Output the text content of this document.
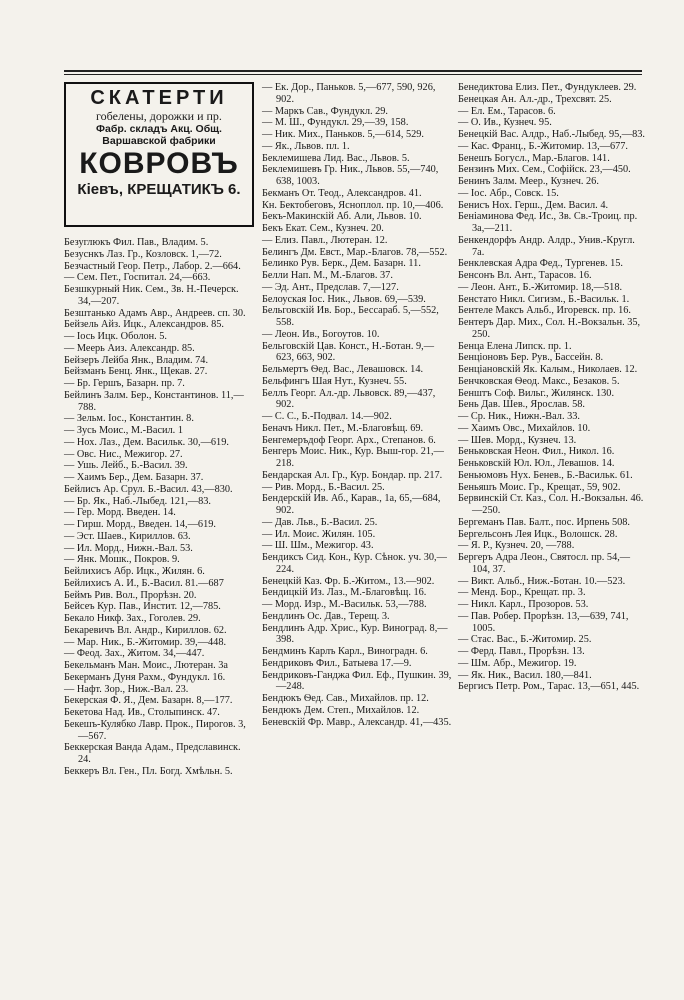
СКАТЕРТИ
гобелены, дорожки и пр.
Фабр. складъ Акц. Общ.
Варшавской фабрики
КОВРОВЪ
Кiевъ, КРЕЩАТИКЪ 6.

Безуглюкъ Фил. Пав., Владим. 5.

Безуснкъ Лаз. Гр., Козловск. 1,—72.

Безчастный Геор. Петр., Лабор. 2.—664.

— Сем. Пет., Госпитал. 24,—663.

Безшкурный Ник. Сем., Зв. Н.-Печерск. 34,—207.

Безштанько Адамъ Авр., Андреев. сп. 30.

Бейзель Айз. Ицк., Александров. 85.

— Iось Ицк. Оболон. 5.

— Меерь Аиз. Александр. 85.

Бейзеръ Лейба Янк., Владим. 74.

Бейзманъ Бенц. Янк., Щекав. 27.

— Бр. Гершъ, Базарн. пр. 7.

Бейлинъ Залм. Бер., Константинов. 11,—788.

— Зельм. Iос., Константин. 8.

— Зусь Моис., М.-Васил. 1

— Нох. Лаз., Дем. Васильк. 30,—619.

— Овс. Нис., Межигор. 27.

— Ушь. Лейб., Б.-Васил. 39.

— Хаимъ Бер., Дем. Базарн. 37.

Бейлисъ Ар. Срул. Б.-Васил. 43,—830.

— Бр. Як., Наб.-Лыбед. 121,—83.

— Гер. Морд. Введен. 14.

— Гирш. Морд., Введен. 14,—619.

— Эст. Шаев., Кириллов. 63.

— Ил. Морд., Нижн.-Вал. 53.

— Янк. Мошк., Покров. 9.

Бейлихисъ Абр. Ицк., Жилян. 6.

Бейлихисъ А. И., Б.-Васил. 81.—687

Беймъ Рив. Вол., Прорѣзн. 20.

Бейсеъ Кур. Пав., Инстит. 12,—785.

Бекало Никф. Зах., Гоголев. 29.

Бекаревичъ Вл. Андр., Кириллов. 62.

— Мар. Ник., Б.-Житомир. 39,—448.

— Феод. Зах., Житом. 34,—447.

Бекельманъ Ман. Моис., Лютеран. 3а

Бекерманъ Дуня Рахм., Фундукл. 16.

— Нафт. Зор., Ниж.-Вал. 23.

Бекерская Ф. Я., Дем. Базарн. 8,—177.

Бекетова Над. Ив., Столыпинск. 47.

Бекешъ-Кулябко Лавр. Прок., Пирогов. 3,—567.

Беккерская Ванда Адам., Предславинск. 24.

Беккеръ Вл. Ген., Пл. Богд. Хмѣльн. 5.

— Ек. Дор., Паньков. 5,—677, 590, 926, 902.

— Маркъ Сав., Фундукл. 29.

— М. Ш., Фундукл. 29,—39, 158.

— Ник. Мих., Паньков. 5,—614, 529.

— Як., Львов. пл. 1.

Беклемишева Лид. Вас., Львов. 5.

Беклемишевъ Гр. Ник., Львов. 55,—740, 638, 1003.

Бекманъ От. Теод., Александров. 41.

Кн. Бектобеговъ, Ясноплол. пр. 10,—406.

Бекъ-Макинскiй Аб. Али, Львов. 10.

Бекъ Екат. Сем., Кузнеч. 20.

— Елиз. Павл., Лютеран. 12.

Белингъ Дм. Евст., Мар.-Благов. 78,—552.

Белинко Рув. Берк., Дем. Базарн. 11.

Белли Нап. М., М.-Благов. 37.

— Эд. Ант., Предслав. 7,—127.

Белоуская Iос. Ник., Львов. 69,—539.

Бельговскiй Ив. Бор., Бессараб. 5,—552, 558.

— Леон. Ив., Богоутов. 10.

Бельговскiй Цав. Конст., Н.-Ботан. 9,—623, 663, 902.

Бельмертъ Ѳед. Вас., Левашовск. 14.

Бельфингъ Шая Нут., Кузнеч. 55.

Беллъ Георг. Ал.-др. Львовск. 89,—437, 902.

— С. С., Б.-Подвал. 14.—902.

Беначъ Никл. Пет., М.-Благовѣщ. 69.

Бенгемеръдоф Георг. Арх., Степанов. 6.

Бенгеръ Моис. Ник., Кур. Выш-гор. 21,—218.

Бендарская Ал. Гр., Кур. Бондар. пр. 217.

— Рив. Морд., Б.-Васил. 25.

Бендерскiй Ив. Аб., Карав., 1а, 65,—684, 902.

— Дав. Льв., Б.-Васил. 25.

— Ил. Моис. Жилян. 105.

— Ш. Шм., Межигор. 43.

Бендиксъ Сид. Кон., Кур. Сѣнок. уч. 30,—224.

Бенецкiй Каз. Фр. Б.-Житом., 13.—902.

Бендицкiй Из. Лаз., М.-Благовѣщ. 16.

— Морд. Изр., М.-Васильк. 53,—788.

Бендлинъ Ос. Дав., Терещ. 3.

Бендлинъ Адр. Хрис., Кур. Виноград. 8,—398.

Бендминъ Карлъ Карл., Виноградн. 6.

Бендриковъ Фил., Батыева 17.—9.

Бендриковъ-Ганджа Фил. Еф., Пушкин. 39,—248.

Бендюкъ Ѳед. Сав., Михайлов. пр. 12.

Бендюкъ Дем. Степ., Михайлов. 12.

Беневскiй Фр. Мавр., Александр. 41,—435.

Бенедиктова Елиз. Пет., Фундуклеев. 29.

Бенецкая Ан. Ал.-др., Трехсвят. 25.

— Ел. Ем., Тарасов. 6.

— О. Ив., Кузнеч. 95.

Бенецкiй Вас. Алдр., Наб.-Лыбед. 95,—83.

— Кас. Франц., Б.-Житомир. 13,—677.

Бенешъ Богусл., Мар.-Благов. 141.

Бензинъ Мих. Сем., Софiйск. 23,—450.

Бенинъ Залм. Меер., Кузнеч. 26.

— Iос. Абр., Совск. 15.

Бенисъ Нох. Герш., Дем. Васил. 4.

Беніаминова Фед. Ис., Зв. Св.-Троиц. пр. 3а,—211.

Бенкендорфъ Андр. Алдр., Унив.-Кругл. 7а.

Бенклевская Адра Фед., Тургенев. 15.

Бенсонъ Вл. Ант., Тарасов. 16.

— Леон. Ант., Б.-Житомир. 18,—518.

Бенстато Никл. Сигизм., Б.-Васильк. 1.

Бентеле Максъ Альб., Игоревск. пр. 16.

Бентеръ Дар. Мих., Сол. Н.-Вокзальн. 35, 250.

Бенца Елена Липск. пр. 1.

Бенціоновъ Бер. Рув., Бассейн. 8.

Бенціановскiй Як. Калым., Николаев. 12.

Бенчковская Ѳеод. Макс., Безаков. 5.

Бенштъ Соф. Вильг., Жилянск. 130.

Бень Дав. Шев., Ярослав. 58.

— Ср. Ник., Нижн.-Вал. 33.

— Хаимъ Овс., Михайлов. 10.

— Шев. Морд., Кузнеч. 13.

Беньковская Неон. Фил., Никол. 16.

Беньковскiй Юл. Юл., Левашов. 14.

Беньюмовъ Нух. Бенев., Б.-Васильк. 61.

Беньяшъ Моис. Гр., Крещат., 59, 902.

Бервинскiй Ст. Каз., Сол. Н.-Вокзальн. 46.—250.

Бергеманъ Пав. Балт., пос. Ирпень 508.

Бергельсонъ Лея Ицк., Волошск. 28.

— Я. Р., Кузнеч. 20, —788.

Бергеръ Адра Леон., Святосл. пр. 54,—104, 37.

— Викт. Альб., Ниж.-Ботан. 10.—523.

— Менд. Бор., Крещат. пр. 3.

— Никл. Карл., Прозоров. 53.

— Пав. Робер. Прорѣзн. 13,—639, 741, 1005.

— Стас. Вас., Б.-Житомир. 25.

— Ферд. Павл., Прорѣзн. 13.

— Шм. Абр., Межигор. 19.

— Як. Ник., Васил. 180,—841.

Бергисъ Петр. Ром., Тарас. 13,—651, 445.
